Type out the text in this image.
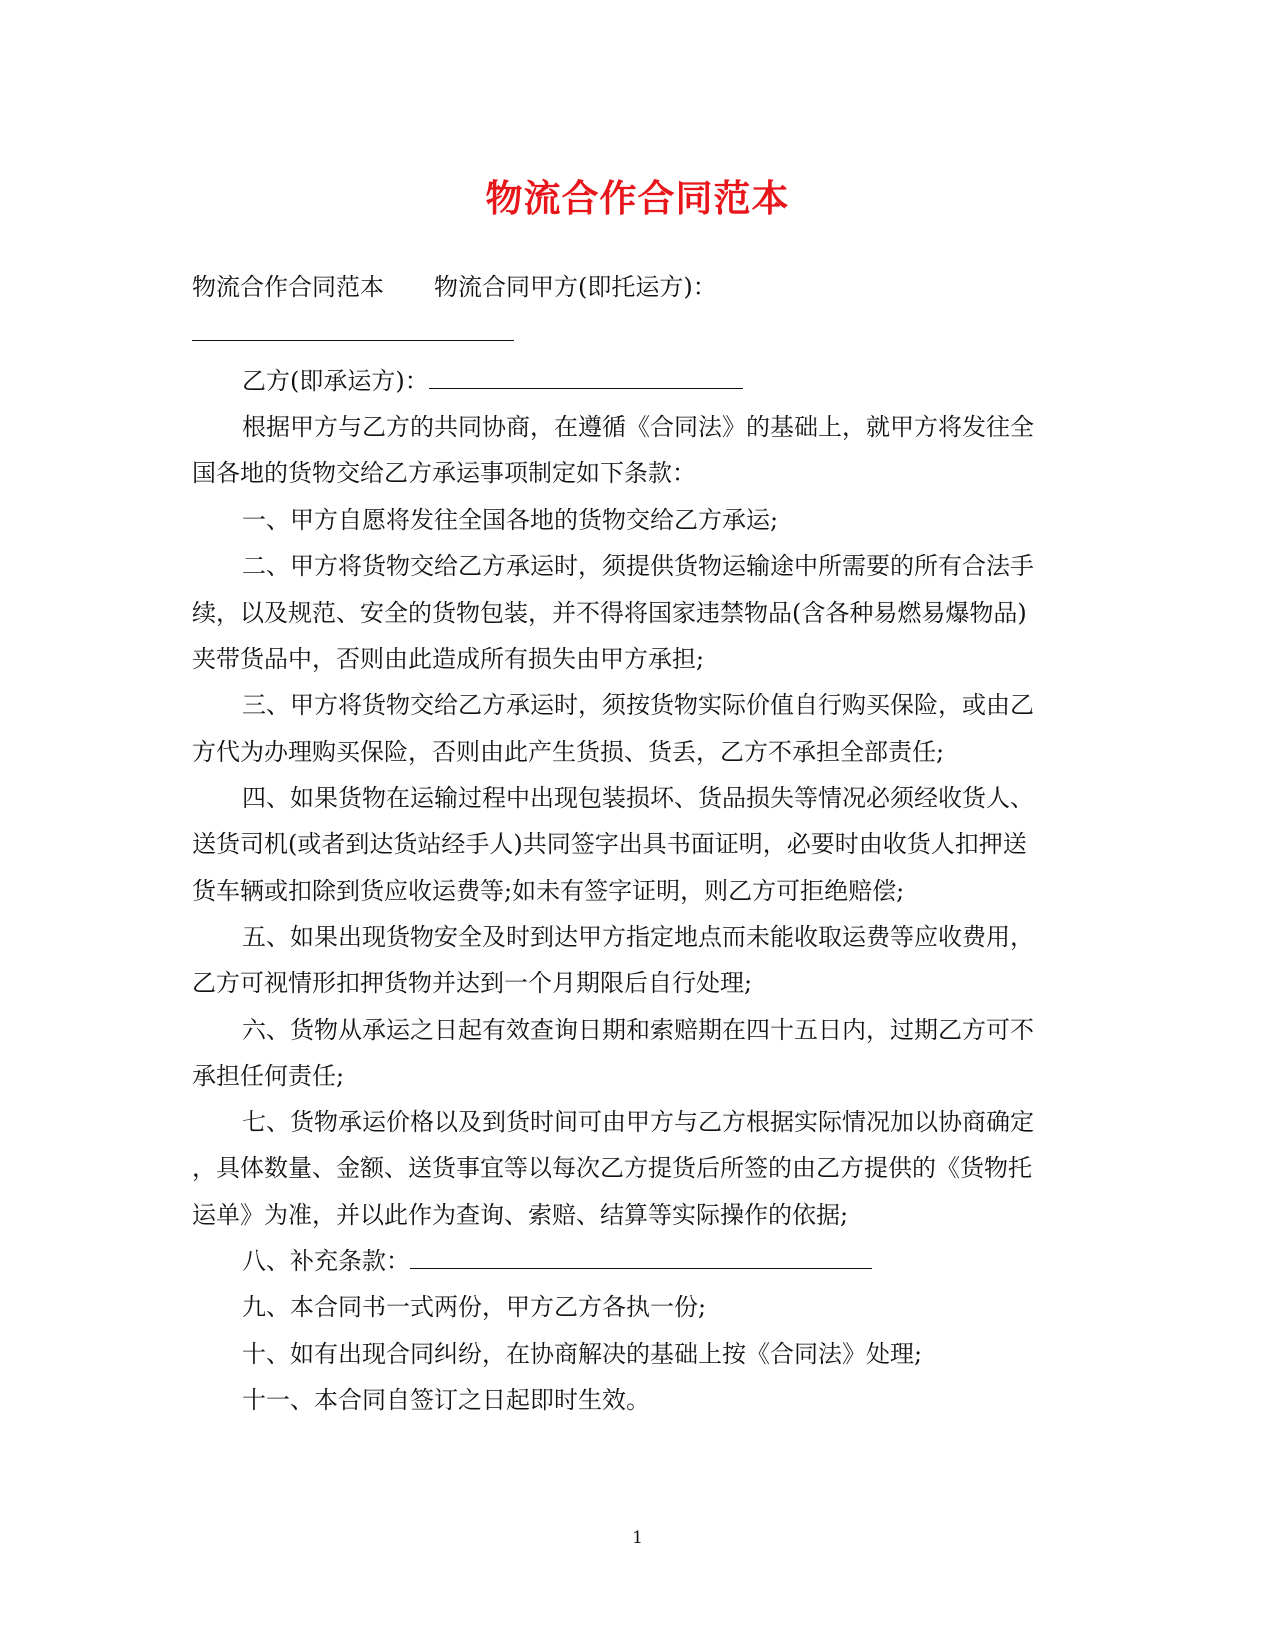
物流合作合同范本
物流合作合同范本 物流合同甲方(即托运方)：
乙方(即承运方)：
根据甲方与乙方的共同协商，在遵循《合同法》的基础上，就甲方将发往全
国各地的货物交给乙方承运事项制定如下条款：
一、甲方自愿将发往全国各地的货物交给乙方承运;
二、甲方将货物交给乙方承运时，须提供货物运输途中所需要的所有合法手
续，以及规范、安全的货物包装，并不得将国家违禁物品(含各种易燃易爆物品)
夹带货品中，否则由此造成所有损失由甲方承担;
三、甲方将货物交给乙方承运时，须按货物实际价值自行购买保险，或由乙
方代为办理购买保险，否则由此产生货损、货丢，乙方不承担全部责任;
四、如果货物在运输过程中出现包装损坏、货品损失等情况必须经收货人、
送货司机(或者到达货站经手人)共同签字出具书面证明，必要时由收货人扣押送
货车辆或扣除到货应收运费等;如未有签字证明，则乙方可拒绝赔偿;
五、如果出现货物安全及时到达甲方指定地点而未能收取运费等应收费用，
乙方可视情形扣押货物并达到一个月期限后自行处理;
六、货物从承运之日起有效查询日期和索赔期在四十五日内，过期乙方可不
承担任何责任;
七、货物承运价格以及到货时间可由甲方与乙方根据实际情况加以协商确定
，具体数量、金额、送货事宜等以每次乙方提货后所签的由乙方提供的《货物托
运单》为准，并以此作为查询、索赔、结算等实际操作的依据;
八、补充条款：
九、本合同书一式两份，甲方乙方各执一份;
十、如有出现合同纠纷，在协商解决的基础上按《合同法》处理;
十一、本合同自签订之日起即时生效。
1
